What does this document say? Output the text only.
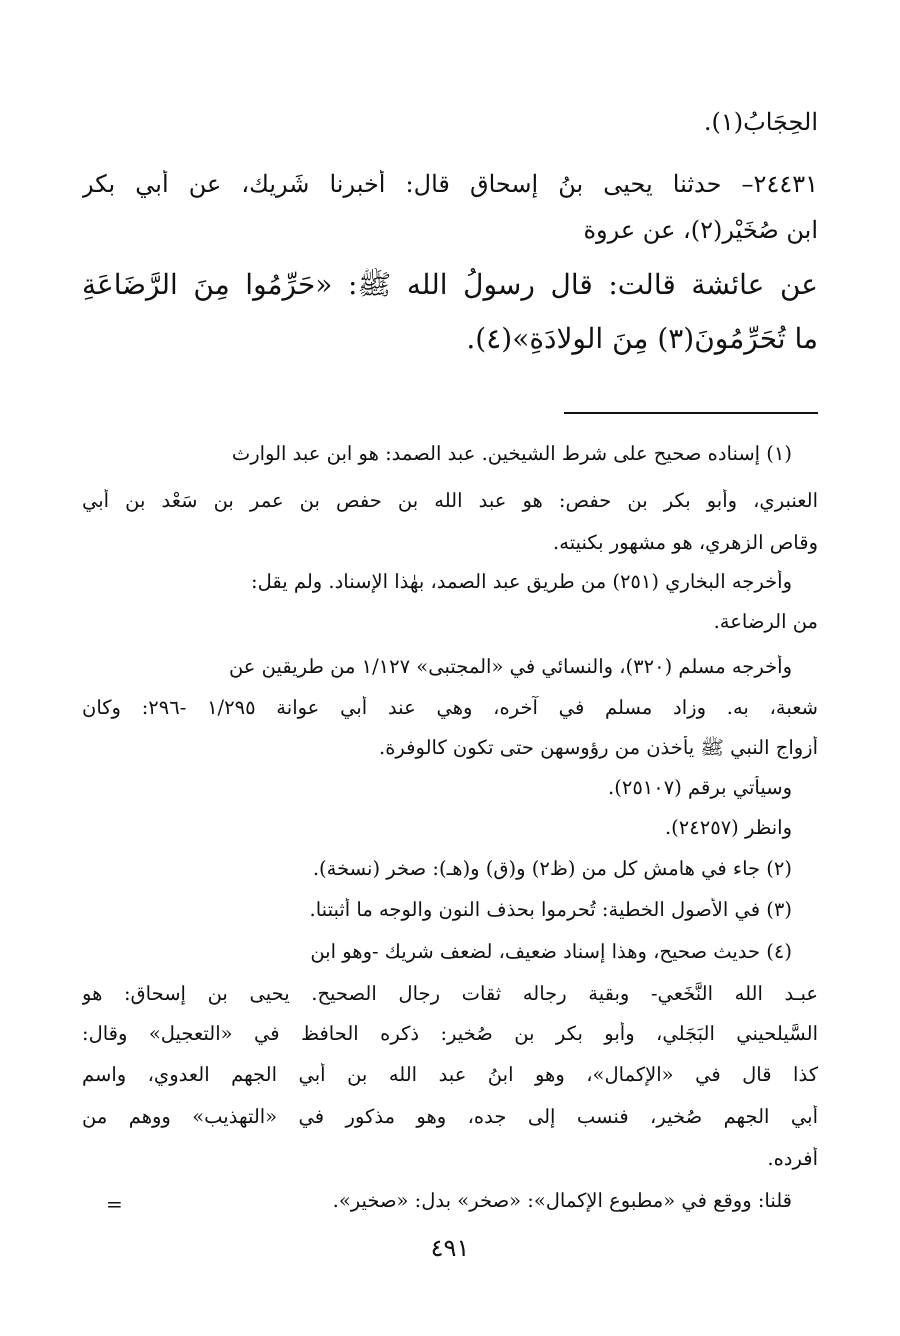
الحِجَابُ(١).
٢٤٤٣١– حدثنا يحيى بنُ إسحاق قال: أخبرنا شَرِيك، عن أبي بكر
ابن صُخَيْر(٢)، عن عروة
عن عائشة قالت: قال رسولُ الله ﷺ: «حَرِّمُوا مِنَ الرَّضَاعَةِ
ما تُحَرِّمُونَ(٣) مِنَ الوِلادَةِ»(٤).
(١) إسناده صحيح على شرط الشيخين. عبد الصمد: هو ابن عبد الوارث
العنبري، وأبو بكر بن حفص: هو عبد الله بن حفص بن عمر بن سَعْد بن أبي
وقاص الزهري، هو مشهور بكنيته.
وأخرجه البخاري (٢٥١) من طريق عبد الصمد، بهٰذا الإسناد. ولم يقل:
من الرضاعة.
وأخرجه مسلم (٣٢٠)، والنسائي في «المجتبى» ١/١٢٧ من طريقين عن
شعبة، به. وزاد مسلم في آخره، وهي عند أبي عوانة ١/٢٩٥ -٢٩٦: وكان
أزواج النبي ﷺ يأخذن من رؤوسهن حتى تكون كالوفرة.
وسيأتي برقم (٢٥١٠٧).
وانظر (٢٤٢٥٧).
(٢) جاء في هامش كل من (ظ٢) و(ق) و(هـ): صخر (نسخة).
(٣) في الأصول الخطية: تُحرموا بحذف النون والوجه ما أثبتنا.
(٤) حديث صحيح، وهذا إسناد ضعيف، لضعف شريك -وهو ابن
عبـد الله النَّخَعي- وبقية رجاله ثقات رجال الصحيح. يحيى بن إسحاق: هو
السَّيلحيني البَجَلي، وأبو بكر بن صُخير: ذكره الحافظ في «التعجيل» وقال:
كذا قال في «الإكمال»، وهو ابنُ عبد الله بن أبي الجهم العدوي، واسم
أبي الجهم صُخير، فنسب إلى جده، وهو مذكور في «التهذيب» ووهم من
أفرده.
قلنا: ووقع في «مطبوع الإكمال»: «صخر» بدل: «صخير».
=
٤٩١
